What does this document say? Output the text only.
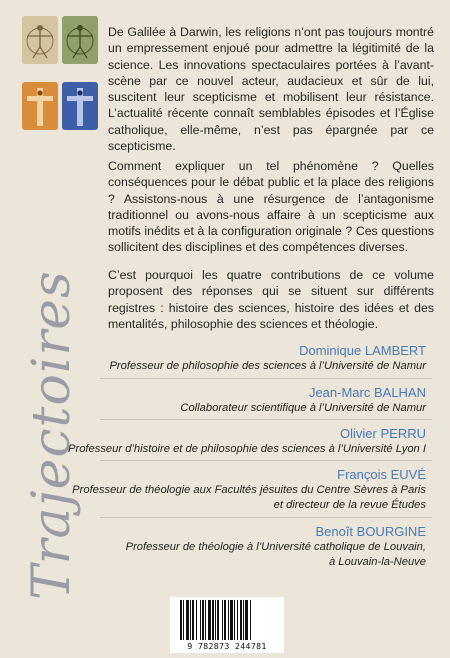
De Galilée à Darwin, les religions n’ont pas toujours montré un empressement enjoué pour admettre la légitimité de la science. Les innovations spectaculaires portées à l’avant-scène par ce nouvel acteur, audacieux et sûr de lui, suscitent leur scepticisme et mobilisent leur résistance. L’actualité récente connaît semblables épisodes et l’Église catholique, elle-même, n’est pas épargnée par ce scepticisme.

Comment expliquer un tel phénomène ? Quelles conséquences pour le débat public et la place des religions ? Assistons-nous à une résurgence de l’antagonisme traditionnel ou avons-nous affaire à un scepticisme aux motifs inédits et à la configuration originale ? Ces questions sollicitent des disciplines et des compétences diverses.

C’est pourquoi les quatre contributions de ce volume proposent des réponses qui se situent sur différents registres : histoire des sciences, histoire des idées et des mentalités, philosophie des sciences et théologie.

Dominique LAMBERT
Professeur de philosophie des sciences à l’Université de Namur
Jean-Marc BALHAN
Collaborateur scientifique à l’Université de Namur
Olivier PERRU
Professeur d’histoire et de philosophie des sciences à l’Université Lyon I
François EUVÉ
Professeur de théologie aux Facultés jésuites du Centre Sèvres à Paris
et directeur de la revue Études
Benoît BOURGINE
Professeur de théologie à l’Université catholique de Louvain,
à Louvain-la-Neuve
Trajectoires
9 782873 244781
